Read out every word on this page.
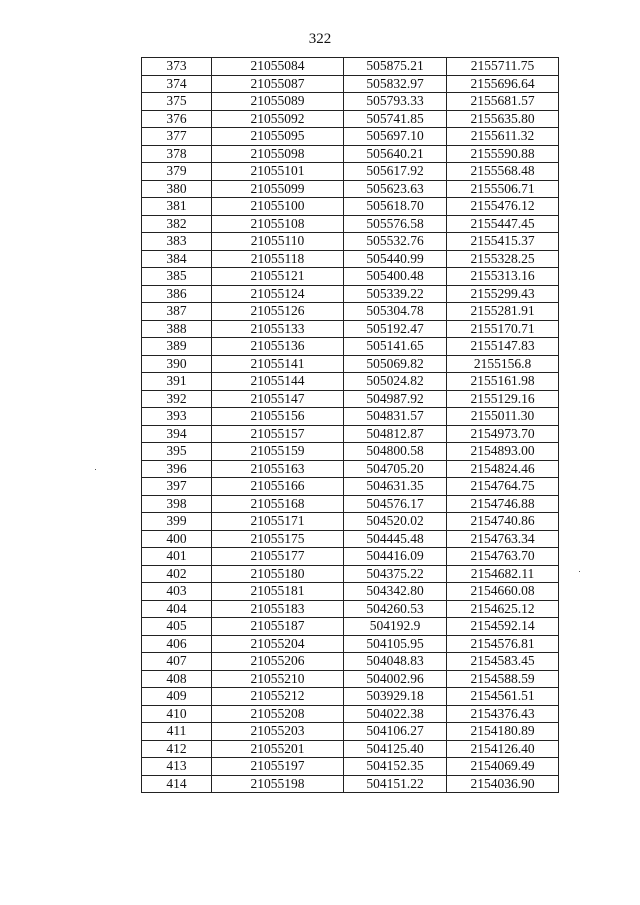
322
373	21055084	505875.21	2155711.75
374	21055087	505832.97	2155696.64
375	21055089	505793.33	2155681.57
376	21055092	505741.85	2155635.80
377	21055095	505697.10	2155611.32
378	21055098	505640.21	2155590.88
379	21055101	505617.92	2155568.48
380	21055099	505623.63	2155506.71
381	21055100	505618.70	2155476.12
382	21055108	505576.58	2155447.45
383	21055110	505532.76	2155415.37
384	21055118	505440.99	2155328.25
385	21055121	505400.48	2155313.16
386	21055124	505339.22	2155299.43
387	21055126	505304.78	2155281.91
388	21055133	505192.47	2155170.71
389	21055136	505141.65	2155147.83
390	21055141	505069.82	2155156.8
391	21055144	505024.82	2155161.98
392	21055147	504987.92	2155129.16
393	21055156	504831.57	2155011.30
394	21055157	504812.87	2154973.70
395	21055159	504800.58	2154893.00
396	21055163	504705.20	2154824.46
397	21055166	504631.35	2154764.75
398	21055168	504576.17	2154746.88
399	21055171	504520.02	2154740.86
400	21055175	504445.48	2154763.34
401	21055177	504416.09	2154763.70
402	21055180	504375.22	2154682.11
403	21055181	504342.80	2154660.08
404	21055183	504260.53	2154625.12
405	21055187	504192.9	2154592.14
406	21055204	504105.95	2154576.81
407	21055206	504048.83	2154583.45
408	21055210	504002.96	2154588.59
409	21055212	503929.18	2154561.51
410	21055208	504022.38	2154376.43
411	21055203	504106.27	2154180.89
412	21055201	504125.40	2154126.40
413	21055197	504152.35	2154069.49
414	21055198	504151.22	2154036.90
